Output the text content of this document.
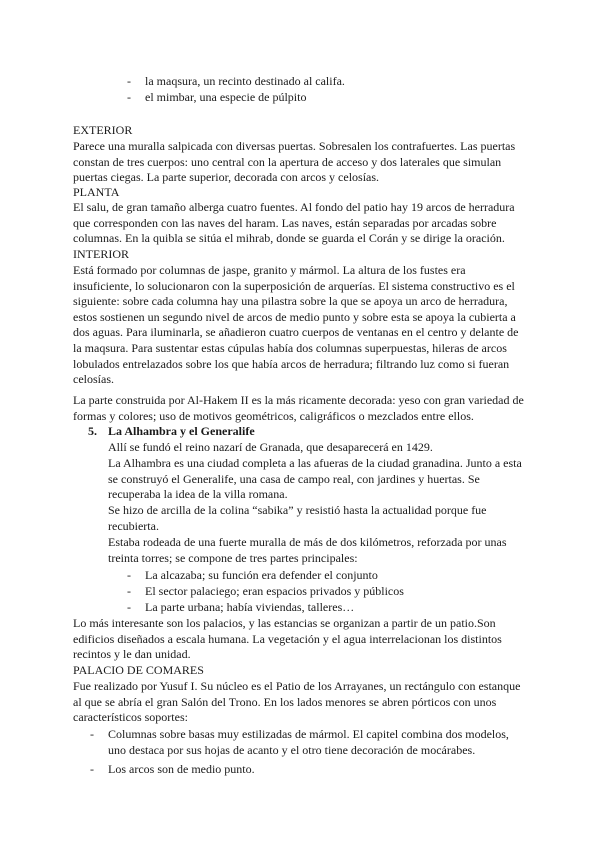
- la maqsura, un recinto destinado al califa.
- el mimbar, una especie de púlpito
EXTERIOR

Parece una muralla salpicada con diversas puertas. Sobresalen los contrafuertes. Las puertas constan de tres cuerpos: uno central con la apertura de acceso y dos laterales que simulan puertas ciegas. La parte superior, decorada con arcos y celosías.

PLANTA

El salu, de gran tamaño alberga cuatro fuentes. Al fondo del patio hay 19 arcos de herradura que corresponden con las naves del haram. Las naves, están separadas por arcadas sobre columnas. En la quibla se sitúa el mihrab, donde se guarda el Corán y se dirige la oración.

INTERIOR

Está formado por columnas de jaspe, granito y mármol. La altura de los fustes era insuficiente, lo solucionaron con la superposición de arquerías. El sistema constructivo es el siguiente: sobre cada columna hay una pilastra sobre la que se apoya un arco de herradura, estos sostienen un segundo nivel de arcos de medio punto y sobre esta se apoya la cubierta a dos aguas. Para iluminarla, se añadieron cuatro cuerpos de ventanas en el centro y delante de la maqsura. Para sustentar estas cúpulas había dos columnas superpuestas, hileras de arcos lobulados entrelazados sobre los que había arcos de herradura; filtrando luz como si fueran celosías.

La parte construida por Al-Hakem II es la más ricamente decorada: yeso con gran variedad de formas y colores; uso de motivos geométricos, caligráficos o mezclados entre ellos.

5. La Alhambra y el Generalife

Allí se fundó el reino nazarí de Granada, que desaparecerá en 1429.

La Alhambra es una ciudad completa a las afueras de la ciudad granadina. Junto a esta se construyó el Generalife, una casa de campo real, con jardines y huertas. Se recuperaba la idea de la villa romana.

Se hizo de arcilla de la colina “sabika” y resistió hasta la actualidad porque fue recubierta.

Estaba rodeada de una fuerte muralla de más de dos kilómetros, reforzada por unas treinta torres; se compone de tres partes principales:

- La alcazaba; su función era defender el conjunto
- El sector palaciego; eran espacios privados y públicos
- La parte urbana; había viviendas, talleres…

Lo más interesante son los palacios, y las estancias se organizan a partir de un patio.Son edificios diseñados a escala humana. La vegetación y el agua interrelacionan los distintos recintos y le dan unidad.

PALACIO DE COMARES

Fue realizado por Yusuf I. Su núcleo es el Patio de los Arrayanes, un rectángulo con estanque al que se abría el gran Salón del Trono. En los lados menores se abren pórticos con unos característicos soportes:

- Columnas sobre basas muy estilizadas de mármol. El capitel combina dos modelos, uno destaca por sus hojas de acanto y el otro tiene decoración de mocárabes.
- Los arcos son de medio punto.
